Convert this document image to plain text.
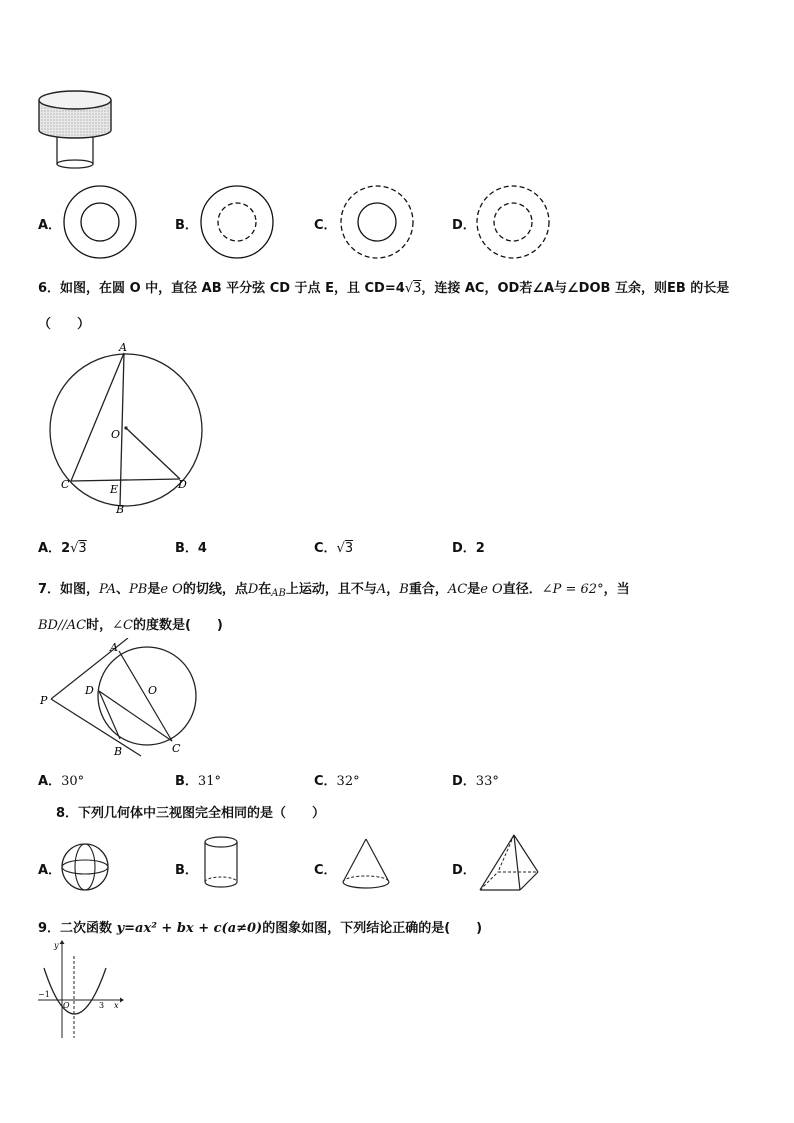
A．	B．	C．	D．
6．如图，在圆 O 中，直径 AB 平分弦 CD 于点 E，且 CD=4√3，连接 AC，OD若∠A与∠DOB 互余，则EB 的长是
（　　）
A
O
C	E	D
B
A．2√3	B．4	C．√3	D．2
7．如图，PA、PB是e O的切线，点D在$_{AB}$上运动，且不与A，B重合，AC是e O直径．∠P = 62°，当
BD//AC时，∠C的度数是(　　)
A
P
D	O
B	C
A．30°	B．31°	C．32°	D．33°
8．下列几何体中三视图完全相同的是（　　）
A．	B．	C．	D．
9．二次函数 y=ax² + bx + c(a≠0)的图象如图，下列结论正确的是(　　)
y
x
−1
O	3
